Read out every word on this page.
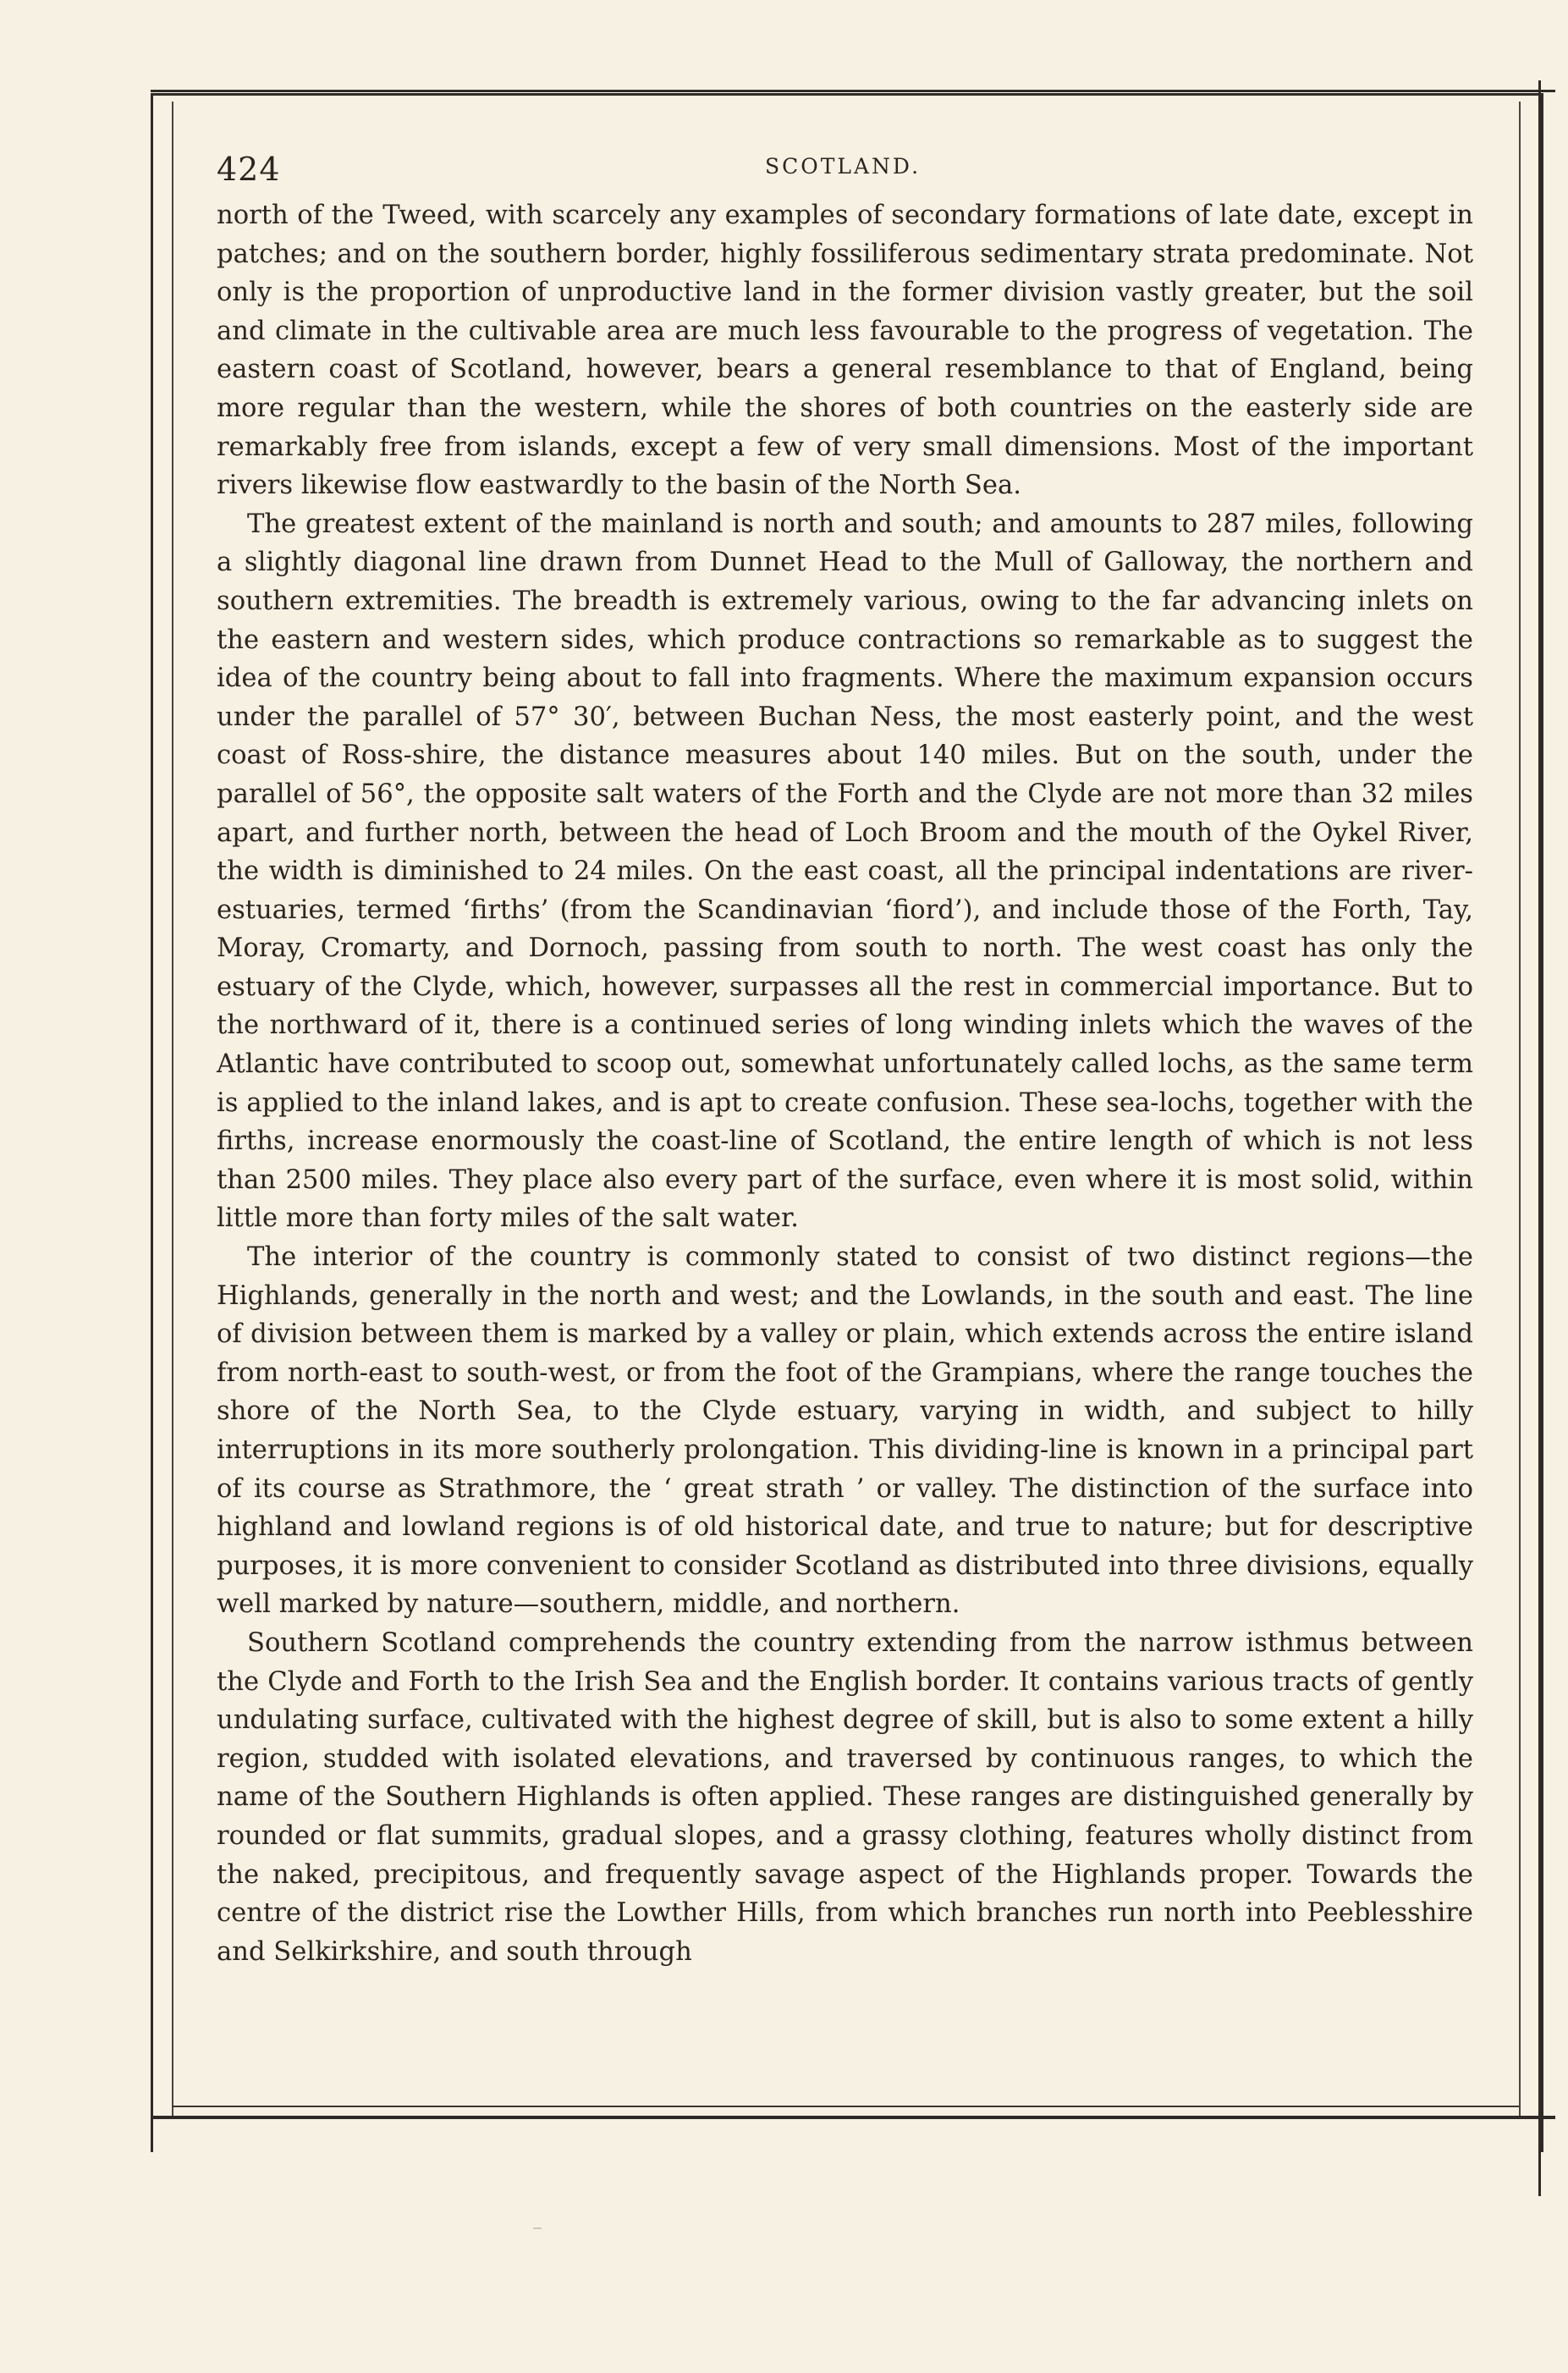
424	SCOTLAND.

north of the Tweed, with scarcely any examples of secondary formations of late date, except in patches; and on the southern border, highly fossiliferous sedimentary strata predominate. Not only is the proportion of unproductive land in the former division vastly greater, but the soil and climate in the cultivable area are much less favourable to the progress of vegetation. The eastern coast of Scotland, however, bears a general resemblance to that of England, being more regular than the western, while the shores of both countries on the easterly side are remarkably free from islands, except a few of very small dimensions. Most of the important rivers likewise flow eastwardly to the basin of the North Sea.

The greatest extent of the mainland is north and south; and amounts to 287 miles, following a slightly diagonal line drawn from Dunnet Head to the Mull of Galloway, the northern and southern extremities. The breadth is extremely various, owing to the far advancing inlets on the eastern and western sides, which produce contractions so remarkable as to suggest the idea of the country being about to fall into fragments. Where the maximum expansion occurs under the parallel of 57° 30′, between Buchan Ness, the most easterly point, and the west coast of Ross-shire, the distance measures about 140 miles. But on the south, under the parallel of 56°, the opposite salt waters of the Forth and the Clyde are not more than 32 miles apart, and further north, between the head of Loch Broom and the mouth of the Oykel River, the width is diminished to 24 miles. On the east coast, all the principal indentations are river-estuaries, termed ‘firths’ (from the Scandinavian ‘fiord’), and include those of the Forth, Tay, Moray, Cromarty, and Dornoch, passing from south to north. The west coast has only the estuary of the Clyde, which, however, surpasses all the rest in commercial importance. But to the northward of it, there is a continued series of long winding inlets which the waves of the Atlantic have contributed to scoop out, somewhat unfortunately called lochs, as the same term is applied to the inland lakes, and is apt to create confusion. These sea-lochs, together with the firths, increase enormously the coast-line of Scotland, the entire length of which is not less than 2500 miles. They place also every part of the surface, even where it is most solid, within little more than forty miles of the salt water.

The interior of the country is commonly stated to consist of two distinct regions—the Highlands, generally in the north and west; and the Lowlands, in the south and east. The line of division between them is marked by a valley or plain, which extends across the entire island from north-east to south-west, or from the foot of the Grampians, where the range touches the shore of the North Sea, to the Clyde estuary, varying in width, and subject to hilly interruptions in its more southerly prolongation. This dividing-line is known in a principal part of its course as Strathmore, the ‘ great strath ’ or valley. The distinction of the surface into highland and lowland regions is of old historical date, and true to nature; but for descriptive purposes, it is more convenient to consider Scotland as distributed into three divisions, equally well marked by nature—southern, middle, and northern.

Southern Scotland comprehends the country extending from the narrow isthmus between the Clyde and Forth to the Irish Sea and the English border. It contains various tracts of gently undulating surface, cultivated with the highest degree of skill, but is also to some extent a hilly region, studded with isolated elevations, and traversed by continuous ranges, to which the name of the Southern Highlands is often applied. These ranges are distinguished generally by rounded or flat summits, gradual slopes, and a grassy clothing, features wholly distinct from the naked, precipitous, and frequently savage aspect of the Highlands proper. Towards the centre of the district rise the Lowther Hills, from which branches run north into Peeblesshire and Selkirkshire, and south through
